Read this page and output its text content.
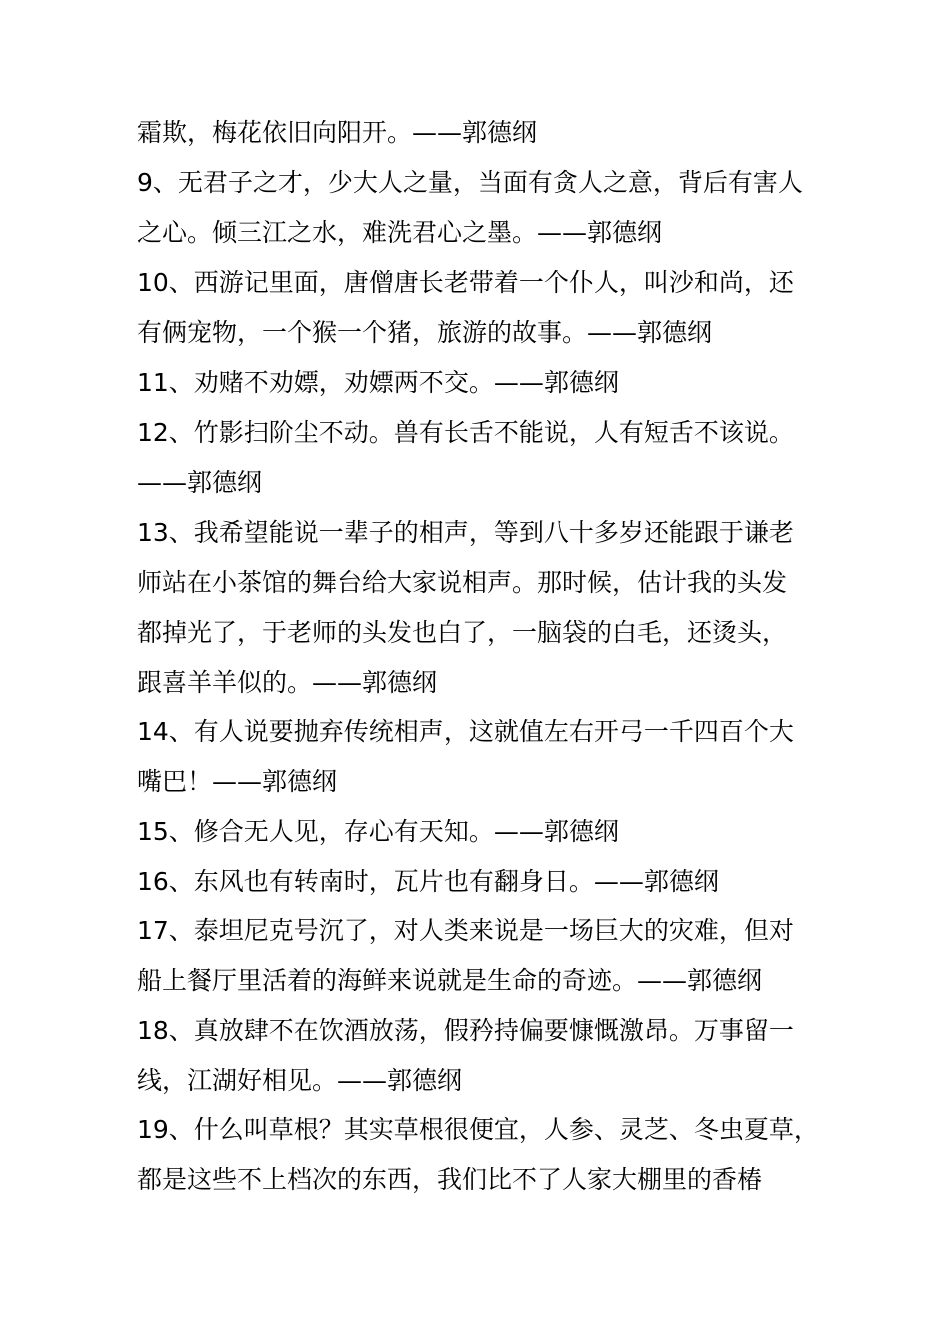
霜欺，梅花依旧向阳开。——郭德纲
9、无君子之才，少大人之量，当面有贪人之意，背后有害人
之心。倾三江之水，难洗君心之墨。——郭德纲
10、西游记里面，唐僧唐长老带着一个仆人，叫沙和尚，还
有俩宠物，一个猴一个猪，旅游的故事。——郭德纲
11、劝赌不劝嫖，劝嫖两不交。——郭德纲
12、竹影扫阶尘不动。兽有长舌不能说，人有短舌不该说。
——郭德纲
13、我希望能说一辈子的相声，等到八十多岁还能跟于谦老
师站在小茶馆的舞台给大家说相声。那时候，估计我的头发
都掉光了，于老师的头发也白了，一脑袋的白毛，还烫头，
跟喜羊羊似的。——郭德纲
14、有人说要抛弃传统相声，这就值左右开弓一千四百个大
嘴巴！——郭德纲
15、修合无人见，存心有天知。——郭德纲
16、东风也有转南时，瓦片也有翻身日。——郭德纲
17、泰坦尼克号沉了，对人类来说是一场巨大的灾难，但对
船上餐厅里活着的海鲜来说就是生命的奇迹。——郭德纲
18、真放肆不在饮酒放荡，假矜持偏要慷慨激昂。万事留一
线，江湖好相见。——郭德纲
19、什么叫草根？其实草根很便宜，人参、灵芝、冬虫夏草，
都是这些不上档次的东西，我们比不了人家大棚里的香椿
